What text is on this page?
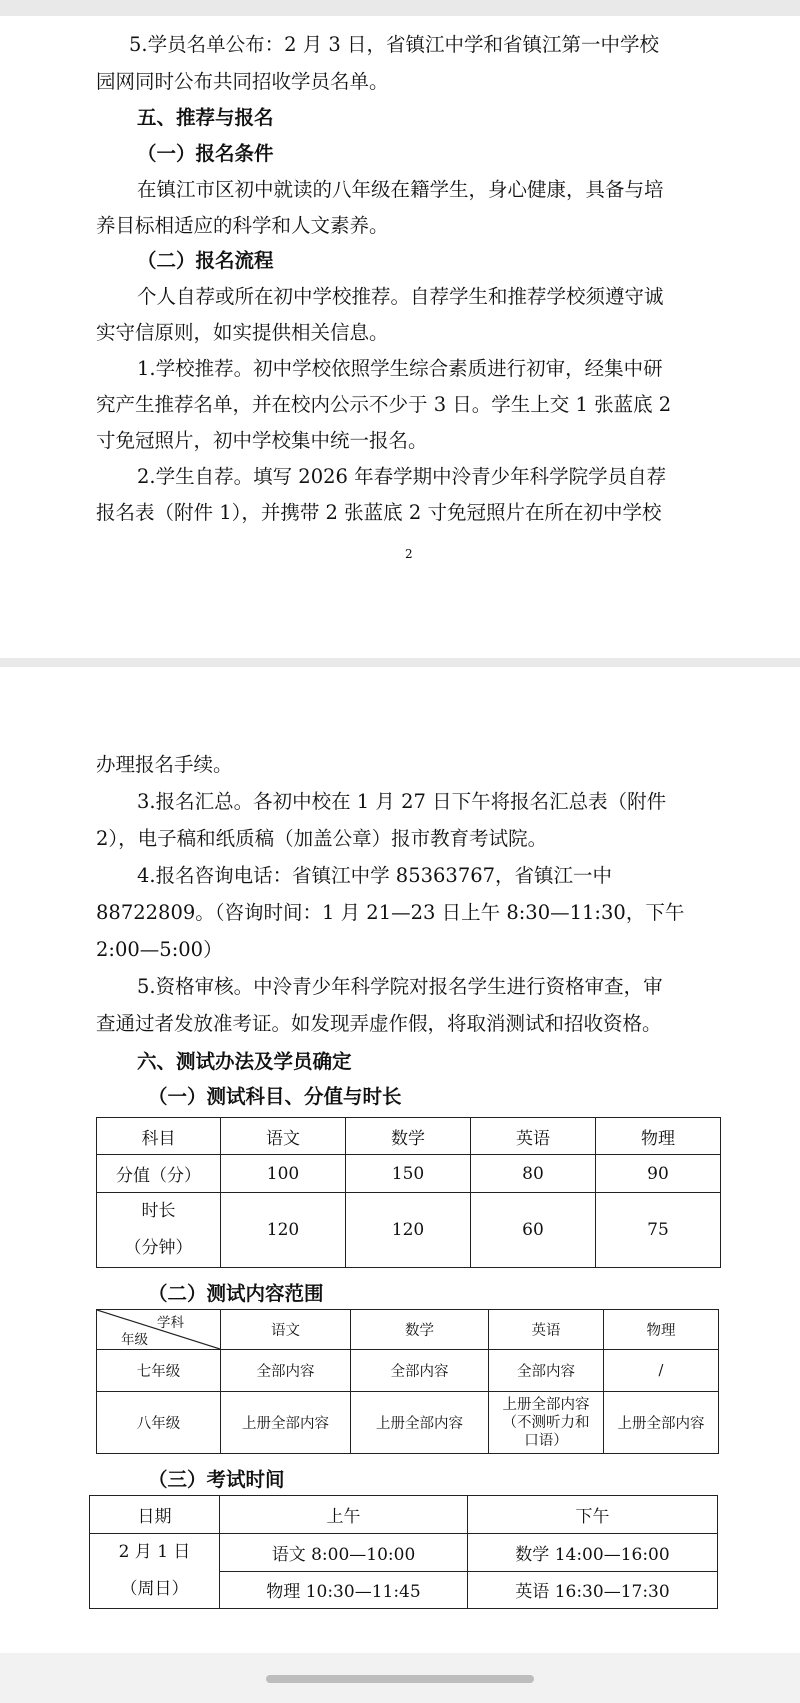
5.学员名单公布：2 月 3 日，省镇江中学和省镇江第一中学校
园网同时公布共同招收学员名单。
五、推荐与报名
（一）报名条件
在镇江市区初中就读的八年级在籍学生，身心健康，具备与培
养目标相适应的科学和人文素养。
（二）报名流程
个人自荐或所在初中学校推荐。自荐学生和推荐学校须遵守诚
实守信原则，如实提供相关信息。
1.学校推荐。初中学校依照学生综合素质进行初审，经集中研
究产生推荐名单，并在校内公示不少于 3 日。学生上交 1 张蓝底 2
寸免冠照片，初中学校集中统一报名。
2.学生自荐。填写 2026 年春学期中泠青少年科学院学员自荐
报名表（附件 1），并携带 2 张蓝底 2 寸免冠照片在所在初中学校
2
办理报名手续。
3.报名汇总。各初中校在 1 月 27 日下午将报名汇总表（附件
2），电子稿和纸质稿（加盖公章）报市教育考试院。
4.报名咨询电话：省镇江中学 85363767，省镇江一中
88722809。（咨询时间：1 月 21—23 日上午 8:30—11:30，下午
2:00—5:00）
5.资格审核。中泠青少年科学院对报名学生进行资格审查，审
查通过者发放准考证。如发现弄虚作假，将取消测试和招收资格。
六、测试办法及学员确定
（一）测试科目、分值与时长
科目	语文	数学	英语	物理
分值（分）	100	150	80	90
时长
（分钟）	120	120	60	75
（二）测试内容范围
学科
年级	语文	数学	英语	物理
七年级	全部内容	全部内容	全部内容	/
八年级	上册全部内容	上册全部内容	上册全部内容
（不测听力和
口语）	上册全部内容
（三）考试时间
日期	上午	下午
2 月 1 日
（周日）	语文 8:00—10:00	数学 14:00—16:00
	物理 10:30—11:45	英语 16:30—17:30
